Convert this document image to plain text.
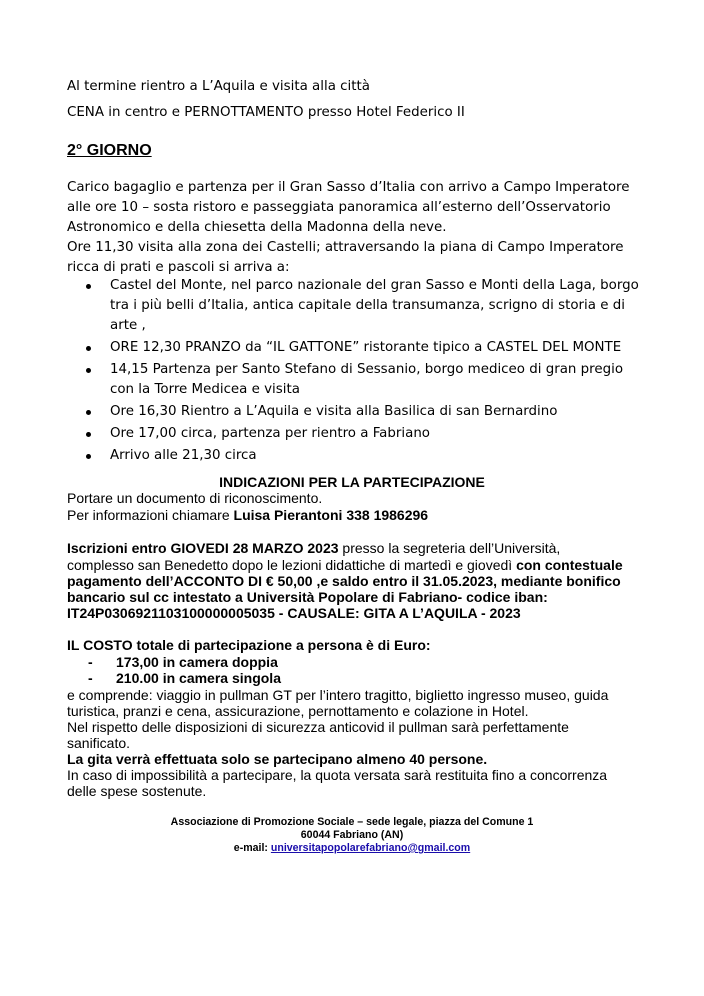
Al termine rientro a L’Aquila e visita alla città
CENA in centro e PERNOTTAMENTO presso Hotel Federico II
2° GIORNO
Carico bagaglio e partenza per il Gran Sasso d’Italia con arrivo a Campo Imperatore
alle ore 10 – sosta ristoro e passeggiata panoramica all’esterno dell’Osservatorio
Astronomico e della chiesetta della Madonna della neve.
Ore 11,30 visita alla zona dei Castelli; attraversando la piana di Campo Imperatore
ricca di prati e pascoli si arriva a:
Castel del Monte, nel parco nazionale del gran Sasso e Monti della Laga, borgo
tra i più belli d’Italia, antica capitale della transumanza, scrigno di storia e di
arte ,
ORE 12,30 PRANZO da “IL GATTONE” ristorante tipico a CASTEL DEL MONTE
14,15 Partenza per Santo Stefano di Sessanio, borgo mediceo di gran pregio
con la Torre Medicea e visita
Ore 16,30 Rientro a L’Aquila e visita alla Basilica di san Bernardino
Ore 17,00 circa, partenza per rientro a Fabriano
Arrivo alle 21,30 circa
INDICAZIONI PER LA PARTECIPAZIONE
Portare un documento di riconoscimento.
Per informazioni chiamare Luisa Pierantoni 338 1986296
Iscrizioni entro GIOVEDI 28 MARZO 2023 presso la segreteria dell’Università,
complesso san Benedetto dopo le lezioni didattiche di martedì e giovedì con contestuale
pagamento dell’ACCONTO DI € 50,00 ,e saldo entro il 31.05.2023, mediante bonifico
bancario sul cc intestato a Università Popolare di Fabriano- codice iban:
IT24P0306921103100000005035 - CAUSALE: GITA A L’AQUILA - 2023
IL COSTO totale di partecipazione a persona è di Euro:
- 173,00 in camera doppia
- 210.00 in camera singola
e comprende: viaggio in pullman GT per l’intero tragitto, biglietto ingresso museo, guida
turistica, pranzi e cena, assicurazione, pernottamento e colazione in Hotel.
Nel rispetto delle disposizioni di sicurezza anticovid il pullman sarà perfettamente
sanificato.
La gita verrà effettuata solo se partecipano almeno 40 persone.
In caso di impossibilità a partecipare, la quota versata sarà restituita fino a concorrenza
delle spese sostenute.
Associazione di Promozione Sociale – sede legale, piazza del Comune 1
60044 Fabriano (AN)
e-mail: universitapopolarefabriano@gmail.com
